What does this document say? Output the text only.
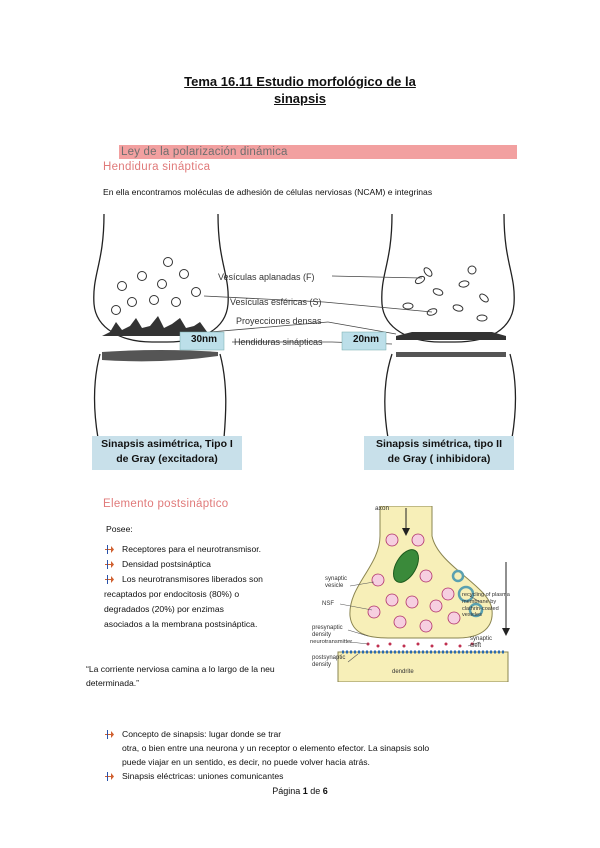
Tema 16.11 Estudio morfológico de la
sinapsis
Ley de la polarización dinámica
Hendidura sináptica
En ella encontramos moléculas de adhesión de células nerviosas (NCAM) e integrinas
Vesículas aplanadas (F)
Vesículas esféricas (S)
Proyecciones densas
Hendiduras sinápticas
30nm	20nm
Sinapsis asimétrica, Tipo I
de Gray (excitadora)
Sinapsis simétrica, tipo II
de Gray ( inhibidora)
Elemento postsináptico
Posee:
Receptores para el neurotransmisor.
Densidad postsináptica
Los neurotransmisores liberados son
recaptados por endocitosis (80%) o
degradados (20%) por enzimas
asociados a la membrana postsináptica.
axon
synaptic vesicle
NSF
presynaptic density
neurotransmitter
postsynaptic density
dendrite
recycling of plasma membrane by clathrin-coated vesicles
synaptic cleft
“La corriente nerviosa camina a lo largo de la neu
determinada.”
Concepto de sinapsis: lugar donde se trar
otra, o bien entre una neurona y un receptor o elemento efector. La sinapsis solo
puede viajar en un sentido, es decir, no puede volver hacia atrás.
Sinapsis eléctricas: uniones comunicantes
Página 1 de 6
